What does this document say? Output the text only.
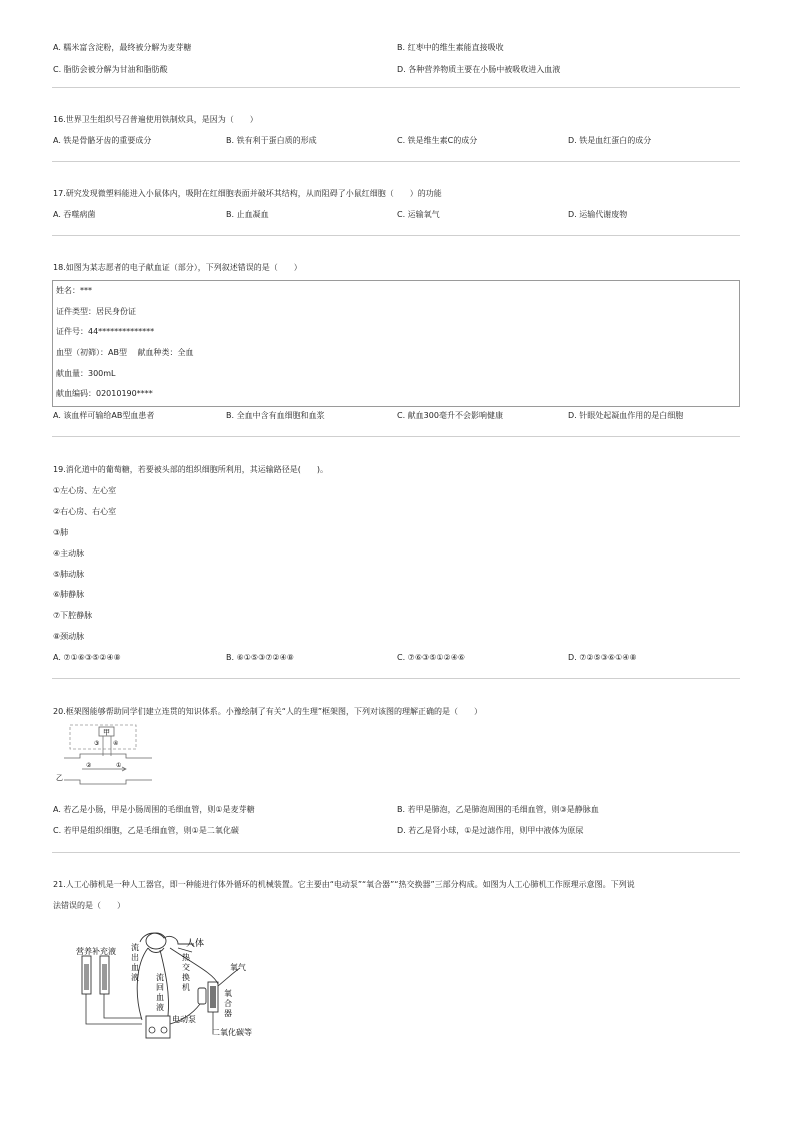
A. 糯米富含淀粉，最终被分解为麦芽糖	B. 红枣中的维生素能直接吸收
C. 脂肪会被分解为甘油和脂肪酸	D. 各种营养物质主要在小肠中被吸收进入血液
16.世界卫生组织号召普遍使用铁制炊具，是因为（　　）
A. 铁是骨骼牙齿的重要成分	B. 铁有利于蛋白质的形成	C. 铁是维生素C的成分	D. 铁是血红蛋白的成分
17.研究发现微塑料能进入小鼠体内，吸附在红细胞表面并破坏其结构，从而阻碍了小鼠红细胞（　　）的功能
A. 吞噬病菌	B. 止血凝血	C. 运输氧气	D. 运输代谢废物
18.如图为某志愿者的电子献血证（部分），下列叙述错误的是（　　）
姓名：***
证件类型：居民身份证
证件号：44**************
血型（初筛）：AB型　 献血种类：全血
献血量：300mL
献血编码：02010190****
A. 该血样可输给AB型血患者	B. 全血中含有血细胞和血浆	C. 献血300毫升不会影响健康	D. 针眼处起凝血作用的是白细胞
19.消化道中的葡萄糖，若要被头部的组织细胞所利用，其运输路径是(　　)。
①左心房、左心室
②右心房、右心室
③肺
④主动脉
⑤肺动脉
⑥肺静脉
⑦下腔静脉
⑧颈动脉
A. ⑦①⑥③⑤②④⑧	B. ⑥①⑤③⑦②④⑧	C. ⑦⑥③⑤①②④⑥	D. ⑦②⑤③⑥①④⑧
20.框架图能够帮助同学们建立连贯的知识体系。小豫绘制了有关“人的生理”框架图，下列对该图的理解正确的是（　　）
甲
③ ④
②	①
乙
A. 若乙是小肠，甲是小肠周围的毛细血管，则①是麦芽糖	B. 若甲是肺泡，乙是肺泡周围的毛细血管，则③是静脉血
C. 若甲是组织细胞，乙是毛细血管，则①是二氧化碳	D. 若乙是肾小球，①是过滤作用，则甲中液体为原尿
21.人工心肺机是一种人工器官，即一种能进行体外循环的机械装置。它主要由“电动泵”“氧合器”“热交换器”三部分构成。如图为人工心肺机工作原理示意图。下列说
法错误的是（　　）
营养补充液
人体
流
出
血
液 流
回
血
液
热
交
换
机
氧气
氧
合
器
电动泵
二氧化碳等
